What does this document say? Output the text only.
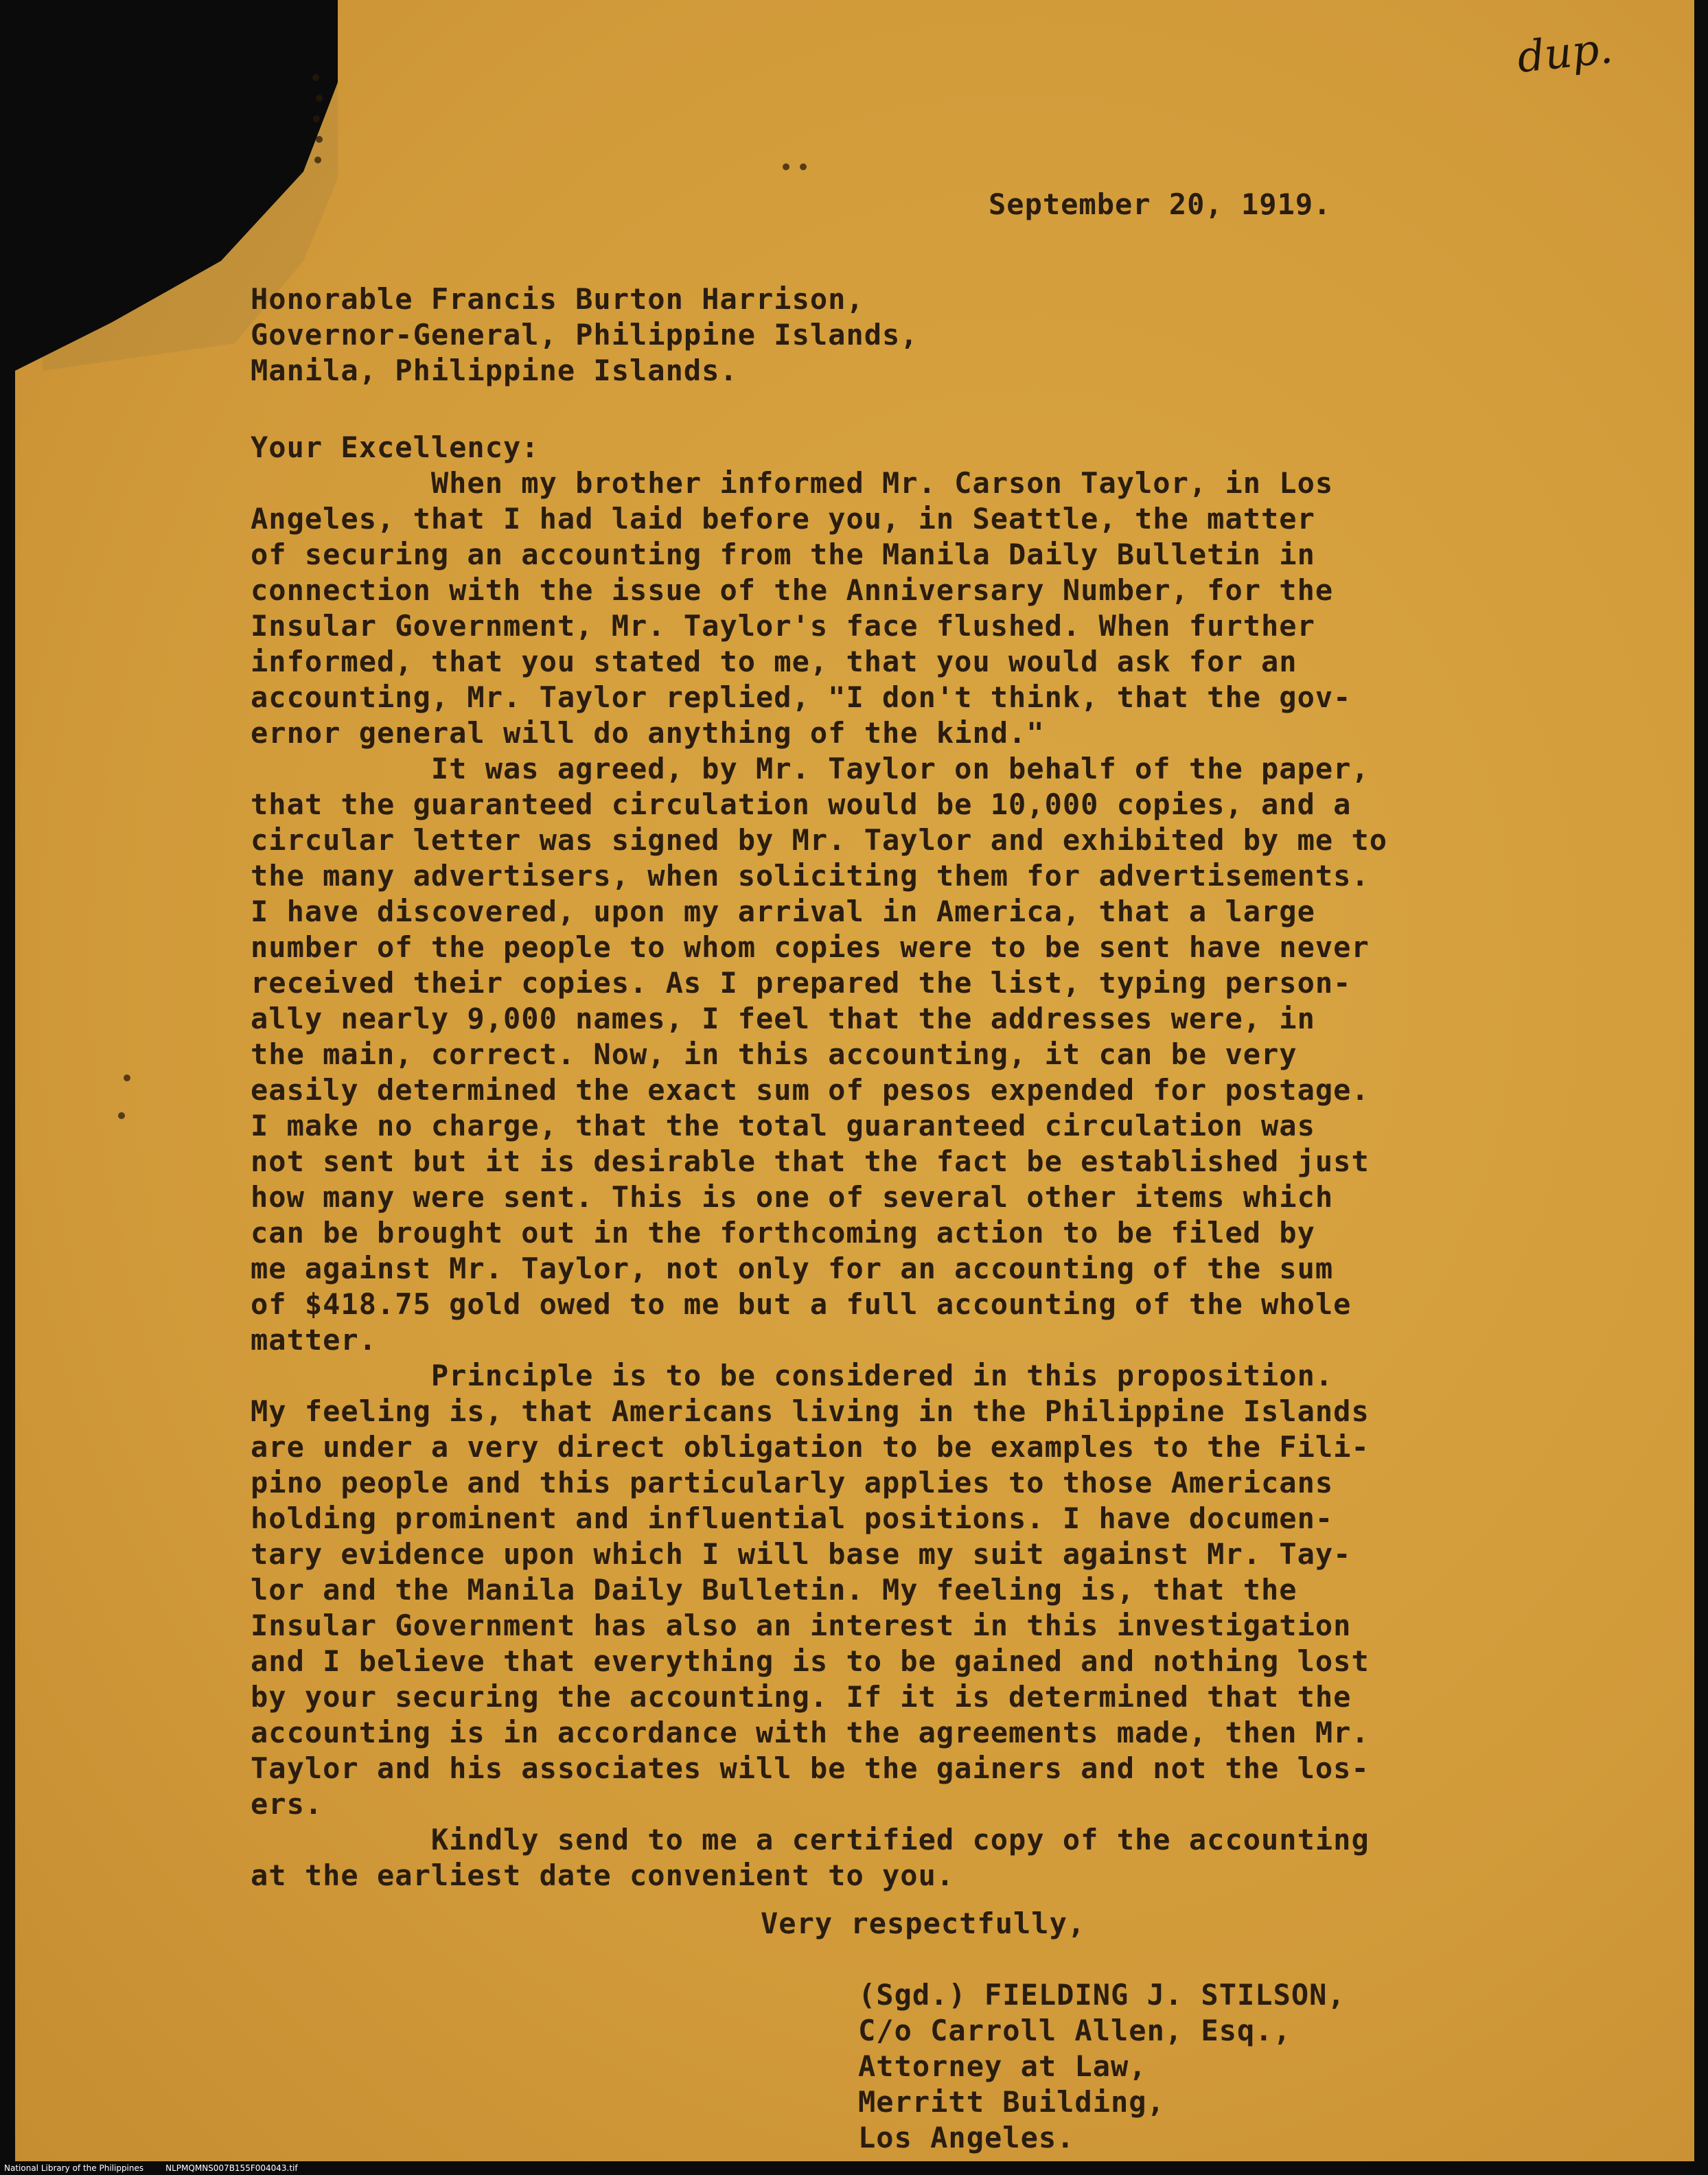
dup.
September 20, 1919.
Honorable Francis Burton Harrison,
Governor-General, Philippine Islands,
Manila, Philippine Islands.
Your Excellency:
When my brother informed Mr. Carson Taylor, in Los
Angeles, that I had laid before you, in Seattle, the matter
of securing an accounting from the Manila Daily Bulletin in
connection with the issue of the Anniversary Number, for the
Insular Government, Mr. Taylor's face flushed. When further
informed, that you stated to me, that you would ask for an
accounting, Mr. Taylor replied, "I don't think, that the gov-
ernor general will do anything of the kind."
It was agreed, by Mr. Taylor on behalf of the paper,
that the guaranteed circulation would be 10,000 copies, and a
circular letter was signed by Mr. Taylor and exhibited by me to
the many advertisers, when soliciting them for advertisements.
I have discovered, upon my arrival in America, that a large
number of the people to whom copies were to be sent have never
received their copies. As I prepared the list, typing person-
ally nearly 9,000 names, I feel that the addresses were, in
the main, correct. Now, in this accounting, it can be very
easily determined the exact sum of pesos expended for postage.
I make no charge, that the total guaranteed circulation was
not sent but it is desirable that the fact be established just
how many were sent. This is one of several other items which
can be brought out in the forthcoming action to be filed by
me against Mr. Taylor, not only for an accounting of the sum
of $418.75 gold owed to me but a full accounting of the whole
matter.
Principle is to be considered in this proposition.
My feeling is, that Americans living in the Philippine Islands
are under a very direct obligation to be examples to the Fili-
pino people and this particularly applies to those Americans
holding prominent and influential positions. I have documen-
tary evidence upon which I will base my suit against Mr. Tay-
lor and the Manila Daily Bulletin. My feeling is, that the
Insular Government has also an interest in this investigation
and I believe that everything is to be gained and nothing lost
by your securing the accounting. If it is determined that the
accounting is in accordance with the agreements made, then Mr.
Taylor and his associates will be the gainers and not the los-
ers.
Kindly send to me a certified copy of the accounting
at the earliest date convenient to you.
Very respectfully,
(Sgd.) FIELDING J. STILSON,
C/o Carroll Allen, Esq.,
Attorney at Law,
Merritt Building,
Los Angeles.
National Library of the Philippines	NLPMQMNS007B155F004043.tif
